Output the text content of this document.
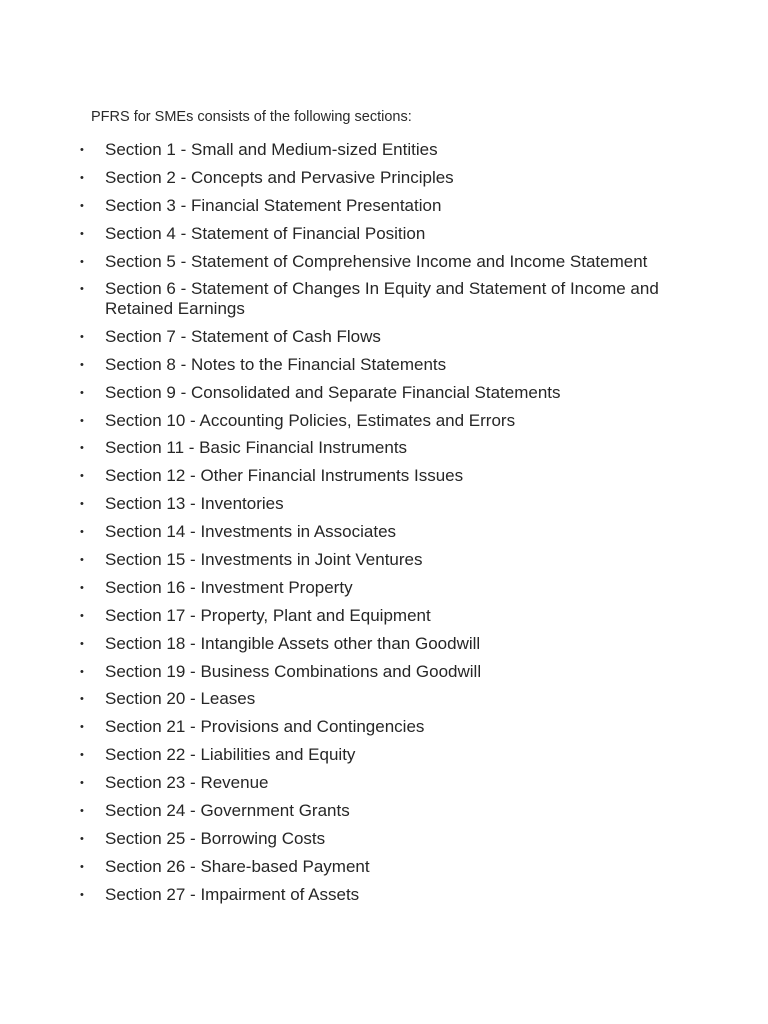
PFRS for SMEs consists of the following sections:

• Section 1 - Small and Medium-sized Entities
• Section 2 - Concepts and Pervasive Principles
• Section 3 - Financial Statement Presentation
• Section 4 - Statement of Financial Position
• Section 5 - Statement of Comprehensive Income and Income Statement
• Section 6 - Statement of Changes In Equity and Statement of Income and Retained Earnings
• Section 7 - Statement of Cash Flows
• Section 8 - Notes to the Financial Statements
• Section 9 - Consolidated and Separate Financial Statements
• Section 10 - Accounting Policies, Estimates and Errors
• Section 11 - Basic Financial Instruments
• Section 12 - Other Financial Instruments Issues
• Section 13 - Inventories
• Section 14 - Investments in Associates
• Section 15 - Investments in Joint Ventures
• Section 16 - Investment Property
• Section 17 - Property, Plant and Equipment
• Section 18 - Intangible Assets other than Goodwill
• Section 19 - Business Combinations and Goodwill
• Section 20 - Leases
• Section 21 - Provisions and Contingencies
• Section 22 - Liabilities and Equity
• Section 23 - Revenue
• Section 24 - Government Grants
• Section 25 - Borrowing Costs
• Section 26 - Share-based Payment
• Section 27 - Impairment of Assets
